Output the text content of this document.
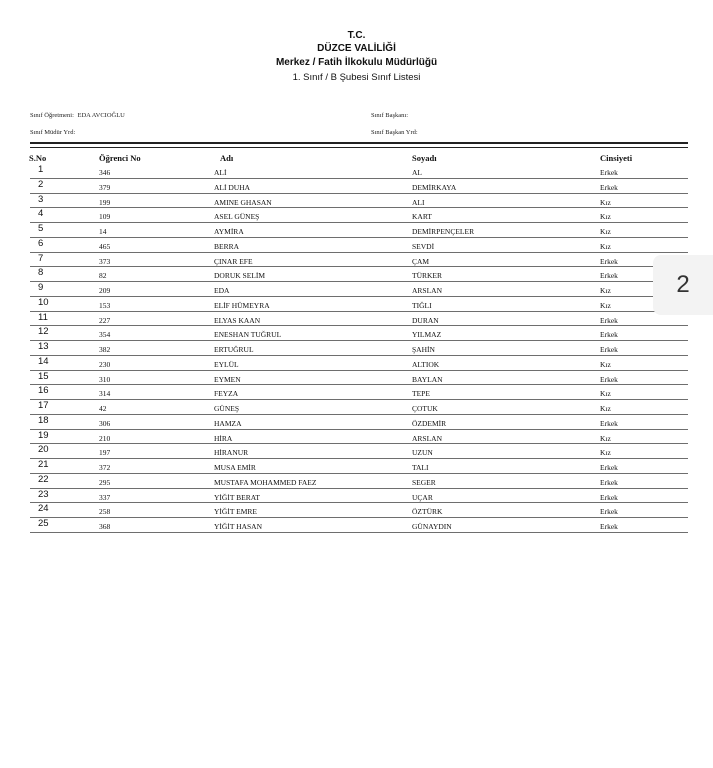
T.C.
DÜZCE VALİLİĞİ
Merkez / Fatih İlkokulu Müdürlüğü
1. Sınıf / B Şubesi Sınıf Listesi
Sınıf Öğretmeni: EDA AVCIOĞLU	Sınıf Başkanı:
Sınıf Müdür Yrd:	Sınıf Başkan Yrd:
S.No	Öğrenci No	Adı	Soyadı	Cinsiyeti
1	346	ALİ	AL	Erkek
2	379	ALİ DUHA	DEMİRKAYA	Erkek
3	199	AMINE GHASAN	ALI	Kız
4	109	ASEL GÜNEŞ	KART	Kız
5	14	AYMİRA	DEMİRPENÇELER	Kız
6	465	BERRA	SEVDİ	Kız
7	373	ÇINAR EFE	ÇAM	Erkek
8	82	DORUK SELİM	TÜRKER	Erkek
9	209	EDA	ARSLAN	Kız
10	153	ELİF HÜMEYRA	TIĞLI	Kız
11	227	ELYAS KAAN	DURAN	Erkek
12	354	ENESHAN TUĞRUL	YILMAZ	Erkek
13	382	ERTUĞRUL	ŞAHİN	Erkek
14	230	EYLÜL	ALTIOK	Kız
15	310	EYMEN	BAYLAN	Erkek
16	314	FEYZA	TEPE	Kız
17	42	GÜNEŞ	ÇOTUK	Kız
18	306	HAMZA	ÖZDEMİR	Erkek
19	210	HİRA	ARSLAN	Kız
20	197	HİRANUR	UZUN	Kız
21	372	MUSA EMİR	TALI	Erkek
22	295	MUSTAFA MOHAMMED FAEZ	SEGER	Erkek
23	337	YİĞİT BERAT	UÇAR	Erkek
24	258	YİĞİT EMRE	ÖZTÜRK	Erkek
25	368	YİĞİT HASAN	GÜNAYDIN	Erkek
2
